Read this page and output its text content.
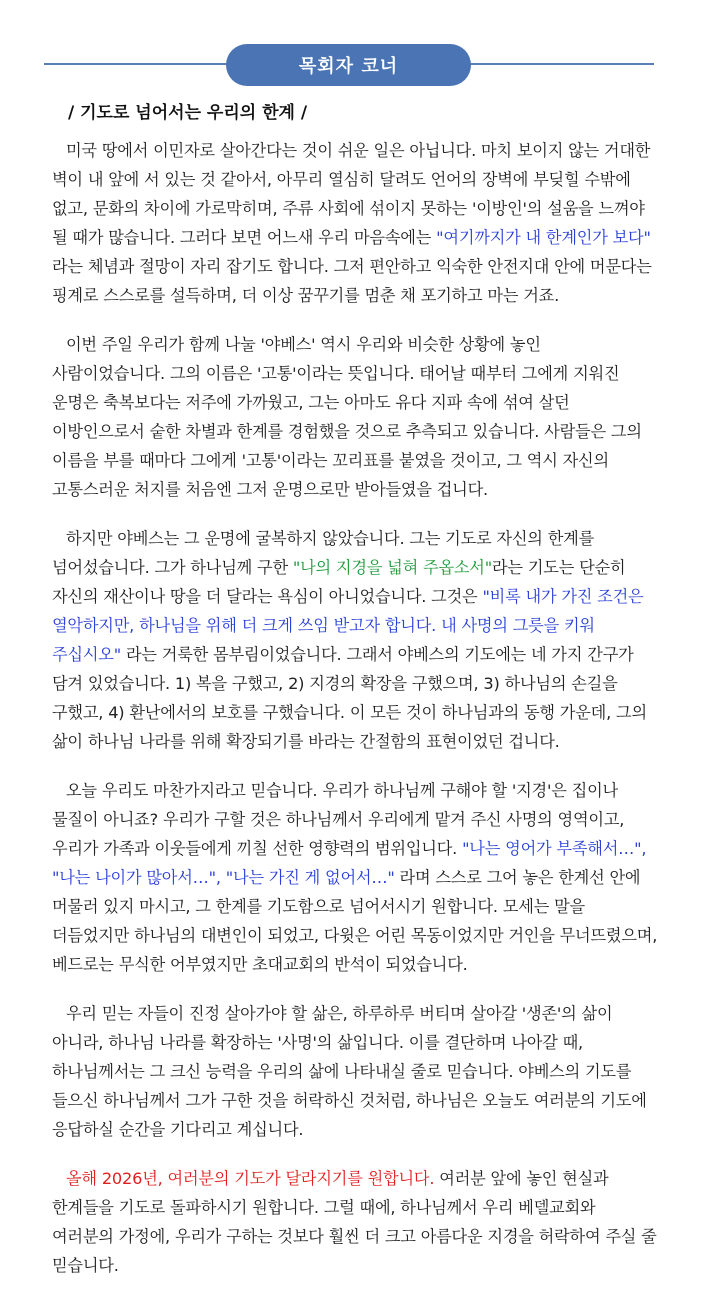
목회자 코너
/ 기도로 넘어서는 우리의 한계 /

미국 땅에서 이민자로 살아간다는 것이 쉬운 일은 아닙니다. 마치 보이지 않는 거대한 벽이 내 앞에 서 있는 것 같아서, 아무리 열심히 달려도 언어의 장벽에 부딪힐 수밖에 없고, 문화의 차이에 가로막히며, 주류 사회에 섞이지 못하는 '이방인'의 설움을 느껴야 될 때가 많습니다. 그러다 보면 어느새 우리 마음속에는 "여기까지가 내 한계인가 보다" 라는 체념과 절망이 자리 잡기도 합니다. 그저 편안하고 익숙한 안전지대 안에 머문다는 핑계로 스스로를 설득하며, 더 이상 꿈꾸기를 멈춘 채 포기하고 마는 거죠.

이번 주일 우리가 함께 나눌 '야베스' 역시 우리와 비슷한 상황에 놓인 사람이었습니다. 그의 이름은 '고통'이라는 뜻입니다. 태어날 때부터 그에게 지워진 운명은 축복보다는 저주에 가까웠고, 그는 아마도 유다 지파 속에 섞여 살던 이방인으로서 숱한 차별과 한계를 경험했을 것으로 추측되고 있습니다. 사람들은 그의 이름을 부를 때마다 그에게 '고통'이라는 꼬리표를 붙였을 것이고, 그 역시 자신의 고통스러운 처지를 처음엔 그저 운명으로만 받아들였을 겁니다.

하지만 야베스는 그 운명에 굴복하지 않았습니다. 그는 기도로 자신의 한계를 넘어섰습니다. 그가 하나님께 구한 "나의 지경을 넓혀 주옵소서"라는 기도는 단순히 자신의 재산이나 땅을 더 달라는 욕심이 아니었습니다. 그것은 "비록 내가 가진 조건은 열악하지만, 하나님을 위해 더 크게 쓰임 받고자 합니다. 내 사명의 그릇을 키워 주십시오" 라는 거룩한 몸부림이었습니다. 그래서 야베스의 기도에는 네 가지 간구가 담겨 있었습니다. 1) 복을 구했고, 2) 지경의 확장을 구했으며, 3) 하나님의 손길을 구했고, 4) 환난에서의 보호를 구했습니다. 이 모든 것이 하나님과의 동행 가운데, 그의 삶이 하나님 나라를 위해 확장되기를 바라는 간절함의 표현이었던 겁니다.

오늘 우리도 마찬가지라고 믿습니다. 우리가 하나님께 구해야 할 '지경'은 집이나 물질이 아니죠? 우리가 구할 것은 하나님께서 우리에게 맡겨 주신 사명의 영역이고, 우리가 가족과 이웃들에게 끼칠 선한 영향력의 범위입니다. "나는 영어가 부족해서…", "나는 나이가 많아서…", "나는 가진 게 없어서…" 라며 스스로 그어 놓은 한계선 안에 머물러 있지 마시고, 그 한계를 기도함으로 넘어서시기 원합니다. 모세는 말을 더듬었지만 하나님의 대변인이 되었고, 다윗은 어린 목동이었지만 거인을 무너뜨렸으며, 베드로는 무식한 어부였지만 초대교회의 반석이 되었습니다.

우리 믿는 자들이 진정 살아가야 할 삶은, 하루하루 버티며 살아갈 '생존'의 삶이 아니라, 하나님 나라를 확장하는 '사명'의 삶입니다. 이를 결단하며 나아갈 때, 하나님께서는 그 크신 능력을 우리의 삶에 나타내실 줄로 믿습니다. 야베스의 기도를 들으신 하나님께서 그가 구한 것을 허락하신 것처럼, 하나님은 오늘도 여러분의 기도에 응답하실 순간을 기다리고 계십니다.

올해 2026년, 여러분의 기도가 달라지기를 원합니다. 여러분 앞에 놓인 현실과 한계들을 기도로 돌파하시기 원합니다. 그럴 때에, 하나님께서 우리 베델교회와 여러분의 가정에, 우리가 구하는 것보다 훨씬 더 크고 아름다운 지경을 허락하여 주실 줄 믿습니다.
